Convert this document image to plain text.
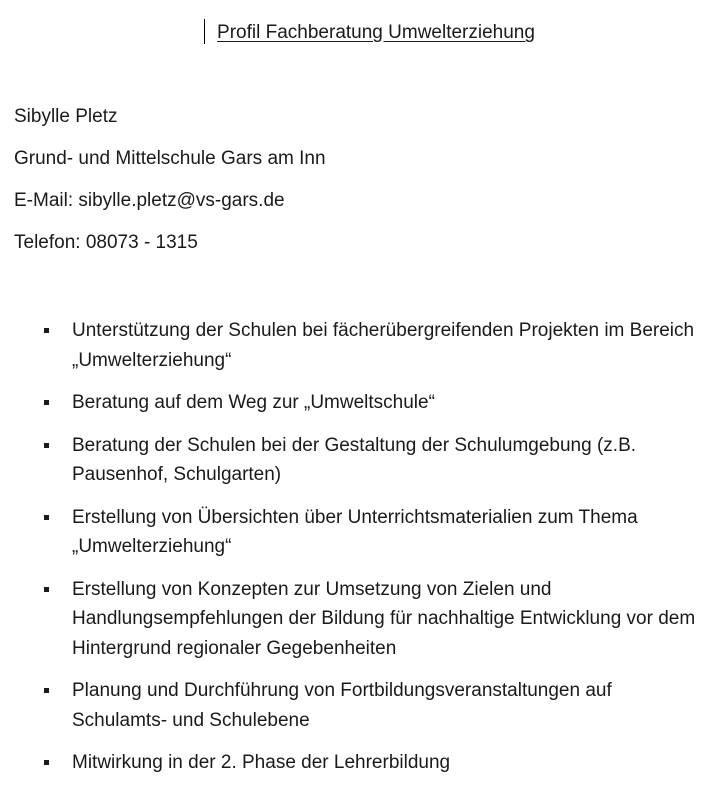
Profil Fachberatung Umwelterziehung
Sibylle Pletz
Grund- und Mittelschule Gars am Inn
E-Mail: sibylle.pletz@vs-gars.de
Telefon: 08073 - 1315
Unterstützung der Schulen bei fächerübergreifenden Projekten im Bereich „Umwelterziehung“
Beratung auf dem Weg zur „Umweltschule“
Beratung der Schulen bei der Gestaltung der Schulumgebung (z.B. Pausenhof, Schulgarten)
Erstellung von Übersichten über Unterrichtsmaterialien zum Thema „Umwelterziehung“
Erstellung von Konzepten zur Umsetzung von Zielen und Handlungsempfehlungen der Bildung für nachhaltige Entwicklung vor dem Hintergrund regionaler Gegebenheiten
Planung und Durchführung von Fortbildungsveranstaltungen auf Schulamts- und Schulebene
Mitwirkung in der 2. Phase der Lehrerbildung
